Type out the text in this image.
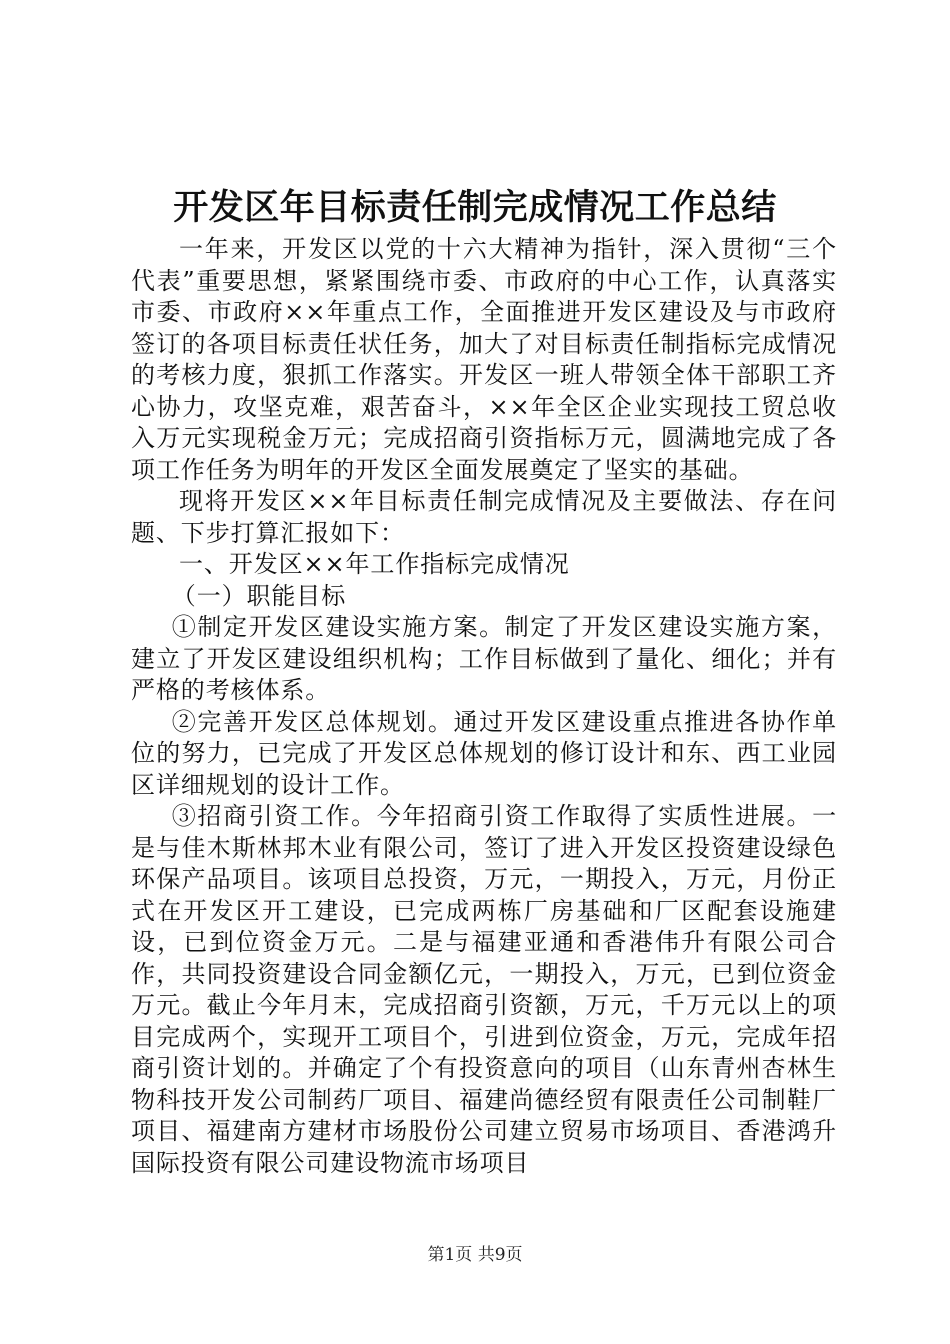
开发区年目标责任制完成情况工作总结

一年来，开发区以党的十六大精神为指针，深入贯彻“三个代表”重要思想，紧紧围绕市委、市政府的中心工作，认真落实市委、市政府××年重点工作，全面推进开发区建设及与市政府签订的各项目标责任状任务，加大了对目标责任制指标完成情况的考核力度，狠抓工作落实。开发区一班人带领全体干部职工齐心协力，攻坚克难，艰苦奋斗，××年全区企业实现技工贸总收入万元实现税金万元；完成招商引资指标万元，圆满地完成了各项工作任务为明年的开发区全面发展奠定了坚实的基础。

现将开发区××年目标责任制完成情况及主要做法、存在问题、下步打算汇报如下：

一、开发区××年工作指标完成情况

（一）职能目标

①制定开发区建设实施方案。制定了开发区建设实施方案，建立了开发区建设组织机构；工作目标做到了量化、细化；并有严格的考核体系。

②完善开发区总体规划。通过开发区建设重点推进各协作单位的努力，已完成了开发区总体规划的修订设计和东、西工业园区详细规划的设计工作。

③招商引资工作。今年招商引资工作取得了实质性进展。一是与佳木斯林邦木业有限公司，签订了进入开发区投资建设绿色环保产品项目。该项目总投资，万元，一期投入，万元，月份正式在开发区开工建设，已完成两栋厂房基础和厂区配套设施建设，已到位资金万元。二是与福建亚通和香港伟升有限公司合作，共同投资建设合同金额亿元，一期投入，万元，已到位资金万元。截止今年月末，完成招商引资额，万元，千万元以上的项目完成两个，实现开工项目个，引进到位资金，万元，完成年招商引资计划的。并确定了个有投资意向的项目（山东青州杏林生物科技开发公司制药厂项目、福建尚德经贸有限责任公司制鞋厂项目、福建南方建材市场股份公司建立贸易市场项目、香港鸿升国际投资有限公司建设物流市场项目

第1页 共9页
